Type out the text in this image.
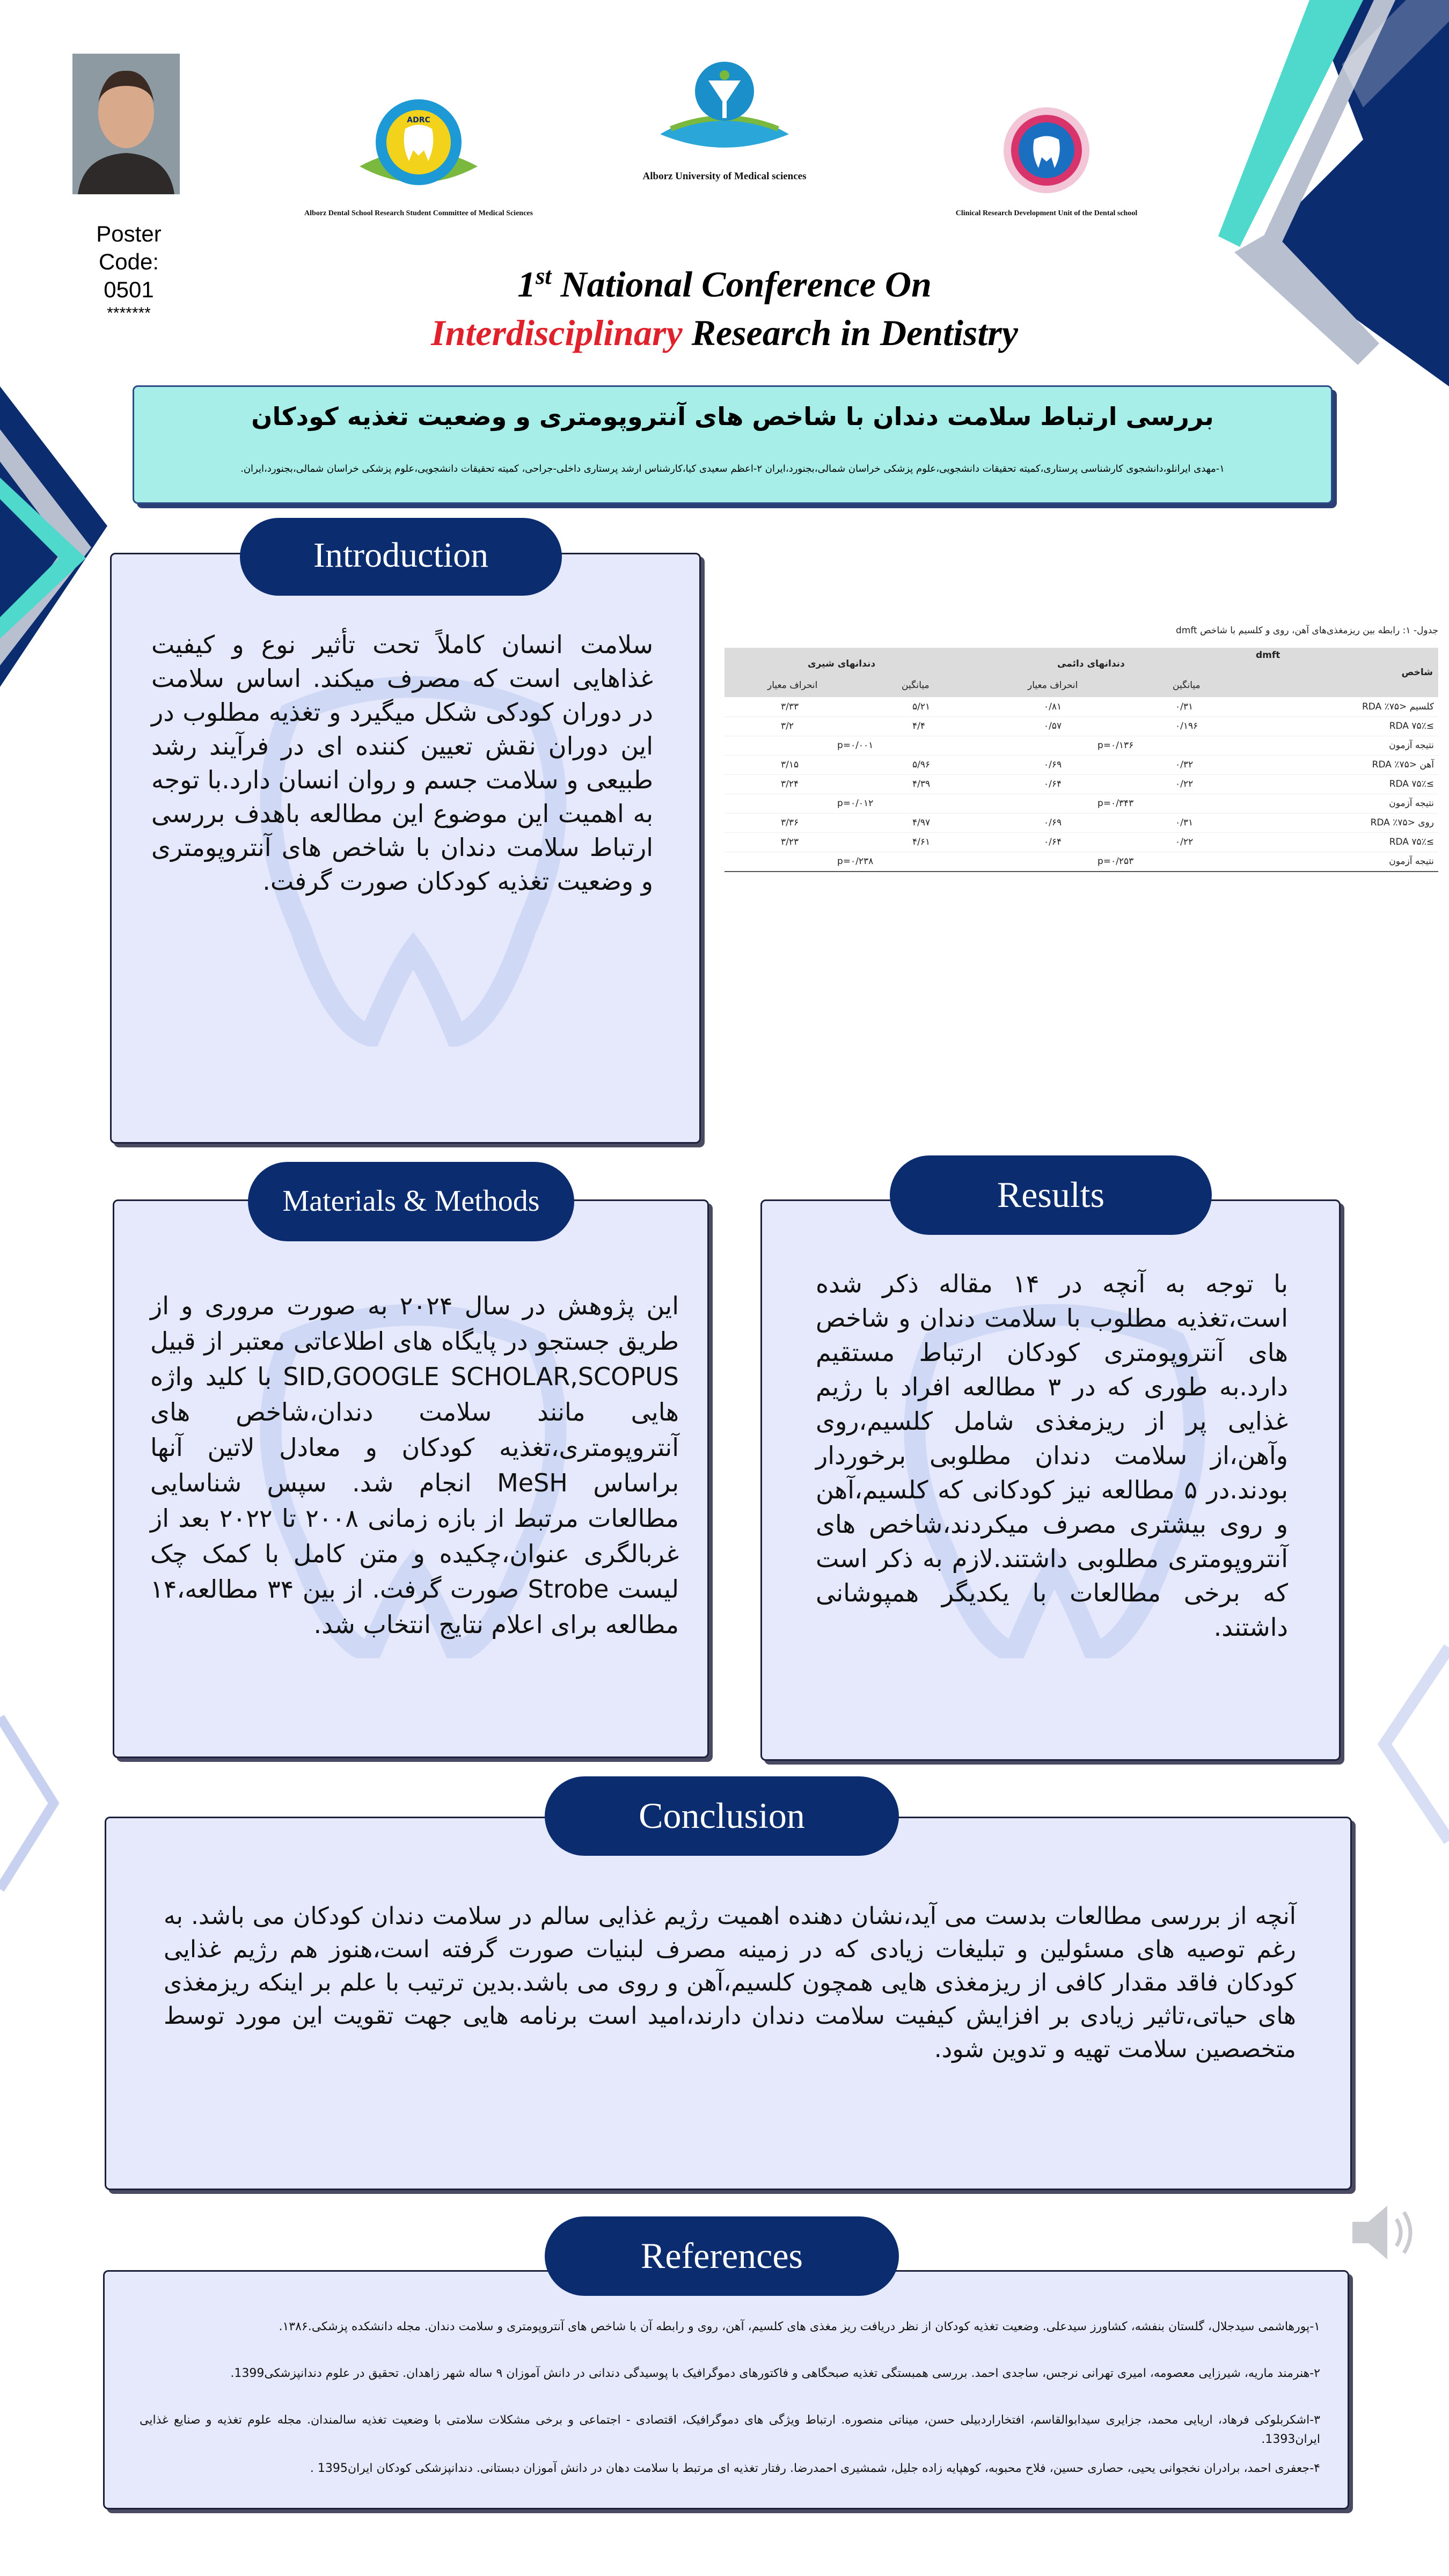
Poster
Code:
0501
*******
ADRC
Alborz Dental School Research Student Committee of Medical Sciences
Alborz University of Medical sciences
Clinical Research Development Unit of the Dental school
1st National Conference On
Interdisciplinary Research in Dentistry
بررسی ارتباط سلامت دندان با شاخص های آنتروپومتری و وضعیت تغذیه کودکان
۱-مهدی ایرانلو،دانشجوی کارشناسی پرستاری،کمیته تحقیقات دانشجویی،علوم پزشکی خراسان شمالی،بجنورد،ایران ۲-اعظم سعیدی کیا،کارشناس ارشد پرستاری داخلی-جراحی، کمیته تحقیقات دانشجویی،علوم پزشکی خراسان شمالی،بجنورد،ایران.
Introduction
سلامت انسان کاملاً تحت تأثیر نوع و کیفیت غذاهایی است که مصرف میکند. اساس سلامت در دوران کودکی شکل میگیرد و تغذیه مطلوب در این دوران نقش تعیین کننده ای در فرآیند رشد طبیعی و سلامت جسم و روان انسان دارد.با توجه به اهمیت این موضوع این مطالعه باهدف بررسی ارتباط سلامت دندان با شاخص های آنتروپومتری و وضعیت تغذیه کودکان صورت گرفت.
جدول- ۱: رابطه بین ریزمغذی‌های آهن، روی و کلسیم با شاخص dmft
شاخص
dmft
دندانهای دائمی
دندانهای شیری
میانگین
انحراف معیار
میانگین
انحراف معیار
کلسیم <۷۵٪ RDA
۰/۳۱
۰/۸۱
۵/۲۱
۳/۳۳
≥۷۵٪ RDA
۰/۱۹۶
۰/۵۷
۴/۴
۳/۲
نتیجه آزمون
p=۰/۱۳۶
p=۰/۰۰۱
آهن <۷۵٪ RDA
۰/۳۲
۰/۶۹
۵/۹۶
۳/۱۵
≥۷۵٪ RDA
۰/۲۲
۰/۶۴
۴/۳۹
۳/۲۴
نتیجه آزمون
p=۰/۳۴۳
p=۰/۰۱۲
روی <۷۵٪ RDA
۰/۳۱
۰/۶۹
۴/۹۷
۳/۳۶
≥۷۵٪ RDA
۰/۲۲
۰/۶۴
۴/۶۱
۳/۲۳
نتیجه آزمون
p=۰/۲۵۳
p=۰/۲۳۸
Materials & Methods
این پژوهش در سال ۲۰۲۴ به صورت مروری و از طریق جستجو در پایگاه های اطلاعاتی معتبر از قبیل SID,GOOGLE SCHOLAR,SCOPUS با کلید واژه هایی مانند سلامت دندان،شاخص های آنتروپومتری،تغذیه کودکان و معادل لاتین آنها براساس MeSH انجام شد. سپس شناسایی مطالعات مرتبط از بازه زمانی ۲۰۰۸ تا ۲۰۲۲ بعد از غربالگری عنوان،چکیده و متن کامل با کمک چک لیست Strobe صورت گرفت. از بین ۳۴ مطالعه،۱۴ مطالعه برای اعلام نتایج انتخاب شد.
Results
با توجه به آنچه در ۱۴ مقاله ذکر شده است،تغذیه مطلوب با سلامت دندان و شاخص های آنتروپومتری کودکان ارتباط مستقیم دارد.به طوری که در ۳ مطالعه افراد با رژیم غذایی پر از ریزمغذی شامل کلسیم،روی وآهن،از سلامت دندان مطلوبی برخوردار بودند.در ۵ مطالعه نیز کودکانی که کلسیم،آهن و روی بیشتری مصرف میکردند،شاخص های آنتروپومتری مطلوبی داشتند.لازم به ذکر است که برخی مطالعات با یکدیگر همپوشانی داشتند.
Conclusion
آنچه از بررسی مطالعات بدست می آید،نشان دهنده اهمیت رژیم غذایی سالم در سلامت دندان کودکان می باشد. به رغم توصیه های مسئولین و تبلیغات زیادی که در زمینه مصرف لبنیات صورت گرفته است،هنوز هم رژیم غذایی کودکان فاقد مقدار کافی از ریزمغذی هایی همچون کلسیم،آهن و روی می باشد.بدین ترتیب با علم بر اینکه ریزمغذی های حیاتی،تاثیر زیادی بر افزایش کیفیت سلامت دندان دارند،امید است برنامه هایی جهت تقویت این مورد توسط متخصصین سلامت تهیه و تدوین شود.
References
۱-پورهاشمی سیدجلال، گلستان بنفشه، کشاورز سیدعلی. وضعیت تغذیه کودکان از نظر دریافت ریز مغذی های کلسیم، آهن، روی و رابطه آن با شاخص های آنتروپومتری و سلامت دندان. مجله دانشکده پزشکی.۱۳۸۶.
۲-هنرمند ماریه، شیرزایی معصومه، امیری تهرانی نرجس، ساجدی احمد. بررسی همبستگی تغذیه صبحگاهی و فاکتورهای دموگرافیک با پوسیدگی دندانی در دانش آموزان ۹ ساله شهر زاهدان. تحقیق در علوم دندانپزشکی1399.
۳-اشکربلوکی فرهاد، اریایی محمد، جزایری سیدابوالقاسم، افتخاراردبیلی حسن، میناتی منصوره. ارتباط ویژگی های دموگرافیک، اقتصادی - اجتماعی و برخی مشکلات سلامتی با وضعیت تغذیه سالمندان. مجله علوم تغذیه و صنایع غذایی ایران1393.
۴-جعفری احمد، برادران نخجوانی یحیی، حصاری حسین، فلاح محبوبه، کوهپایه زاده جلیل، شمشیری احمدرضا. رفتار تغذیه ای مرتبط با سلامت دهان در دانش آموزان دبستانی. دندانپزشکی کودکان ایران1395 .
